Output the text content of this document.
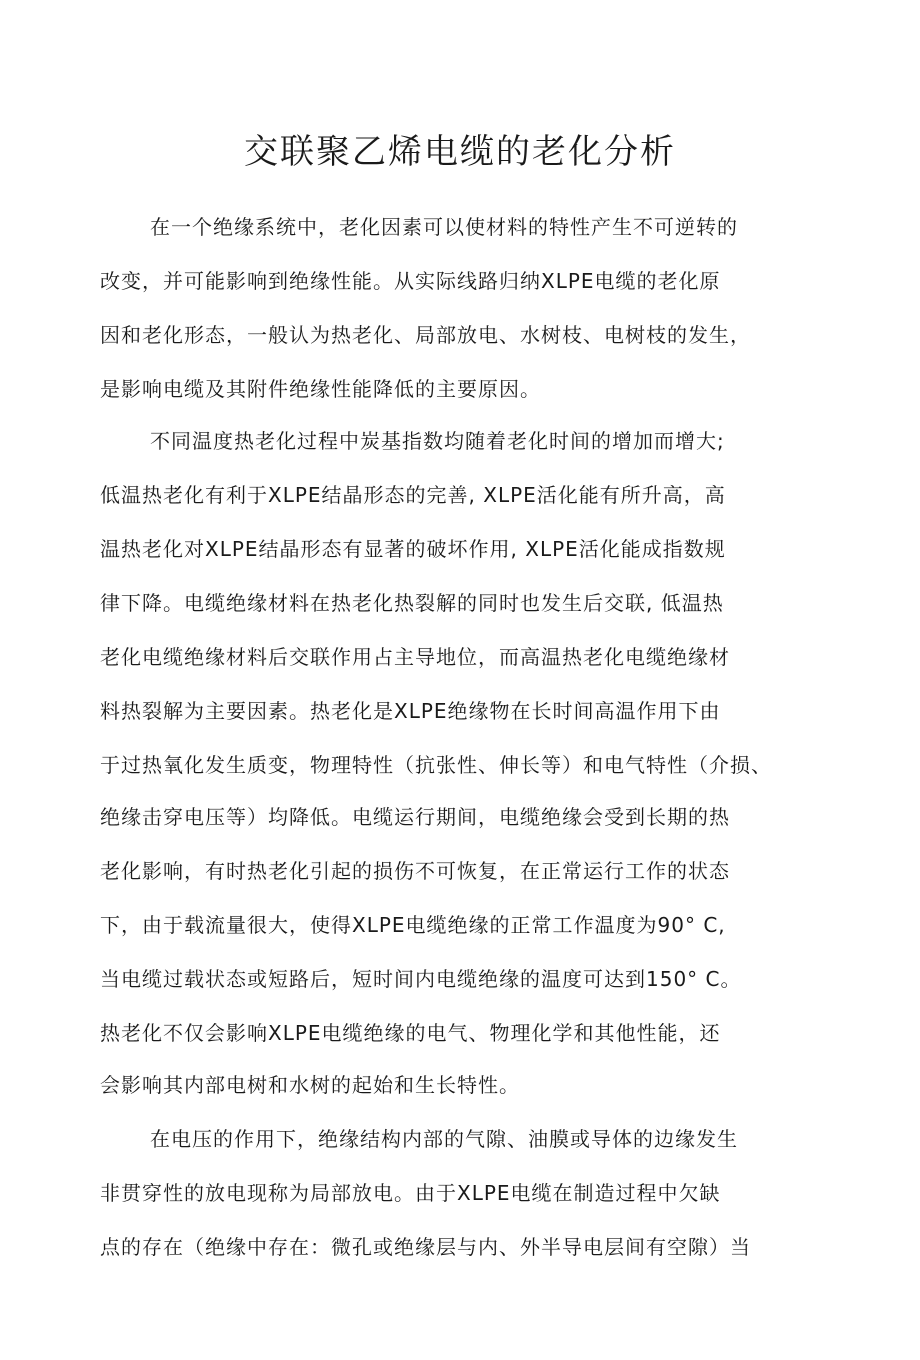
交联聚乙烯电缆的老化分析
在一个绝缘系统中，老化因素可以使材料的特性产生不可逆转的
改变，并可能影响到绝缘性能。从实际线路归纳XLPE电缆的老化原
因和老化形态，一般认为热老化、局部放电、水树枝、电树枝的发生，
是影响电缆及其附件绝缘性能降低的主要原因。
不同温度热老化过程中炭基指数均随着老化时间的增加而增大;
低温热老化有利于XLPE结晶形态的完善, XLPE活化能有所升高，高
温热老化对XLPE结晶形态有显著的破坏作用, XLPE活化能成指数规
律下降。电缆绝缘材料在热老化热裂解的同时也发生后交联, 低温热
老化电缆绝缘材料后交联作用占主导地位，而高温热老化电缆绝缘材
料热裂解为主要因素。热老化是XLPE绝缘物在长时间高温作用下由
于过热氧化发生质变，物理特性（抗张性、伸长等）和电气特性（介损、
绝缘击穿电压等）均降低。电缆运行期间，电缆绝缘会受到长期的热
老化影响，有时热老化引起的损伤不可恢复，在正常运行工作的状态
下，由于载流量很大，使得XLPE电缆绝缘的正常工作温度为90° C,
当电缆过载状态或短路后，短时间内电缆绝缘的温度可达到150° C。
热老化不仅会影响XLPE电缆绝缘的电气、物理化学和其他性能，还
会影响其内部电树和水树的起始和生长特性。
在电压的作用下，绝缘结构内部的气隙、油膜或导体的边缘发生
非贯穿性的放电现称为局部放电。由于XLPE电缆在制造过程中欠缺
点的存在（绝缘中存在：微孔或绝缘层与内、外半导电层间有空隙）当
